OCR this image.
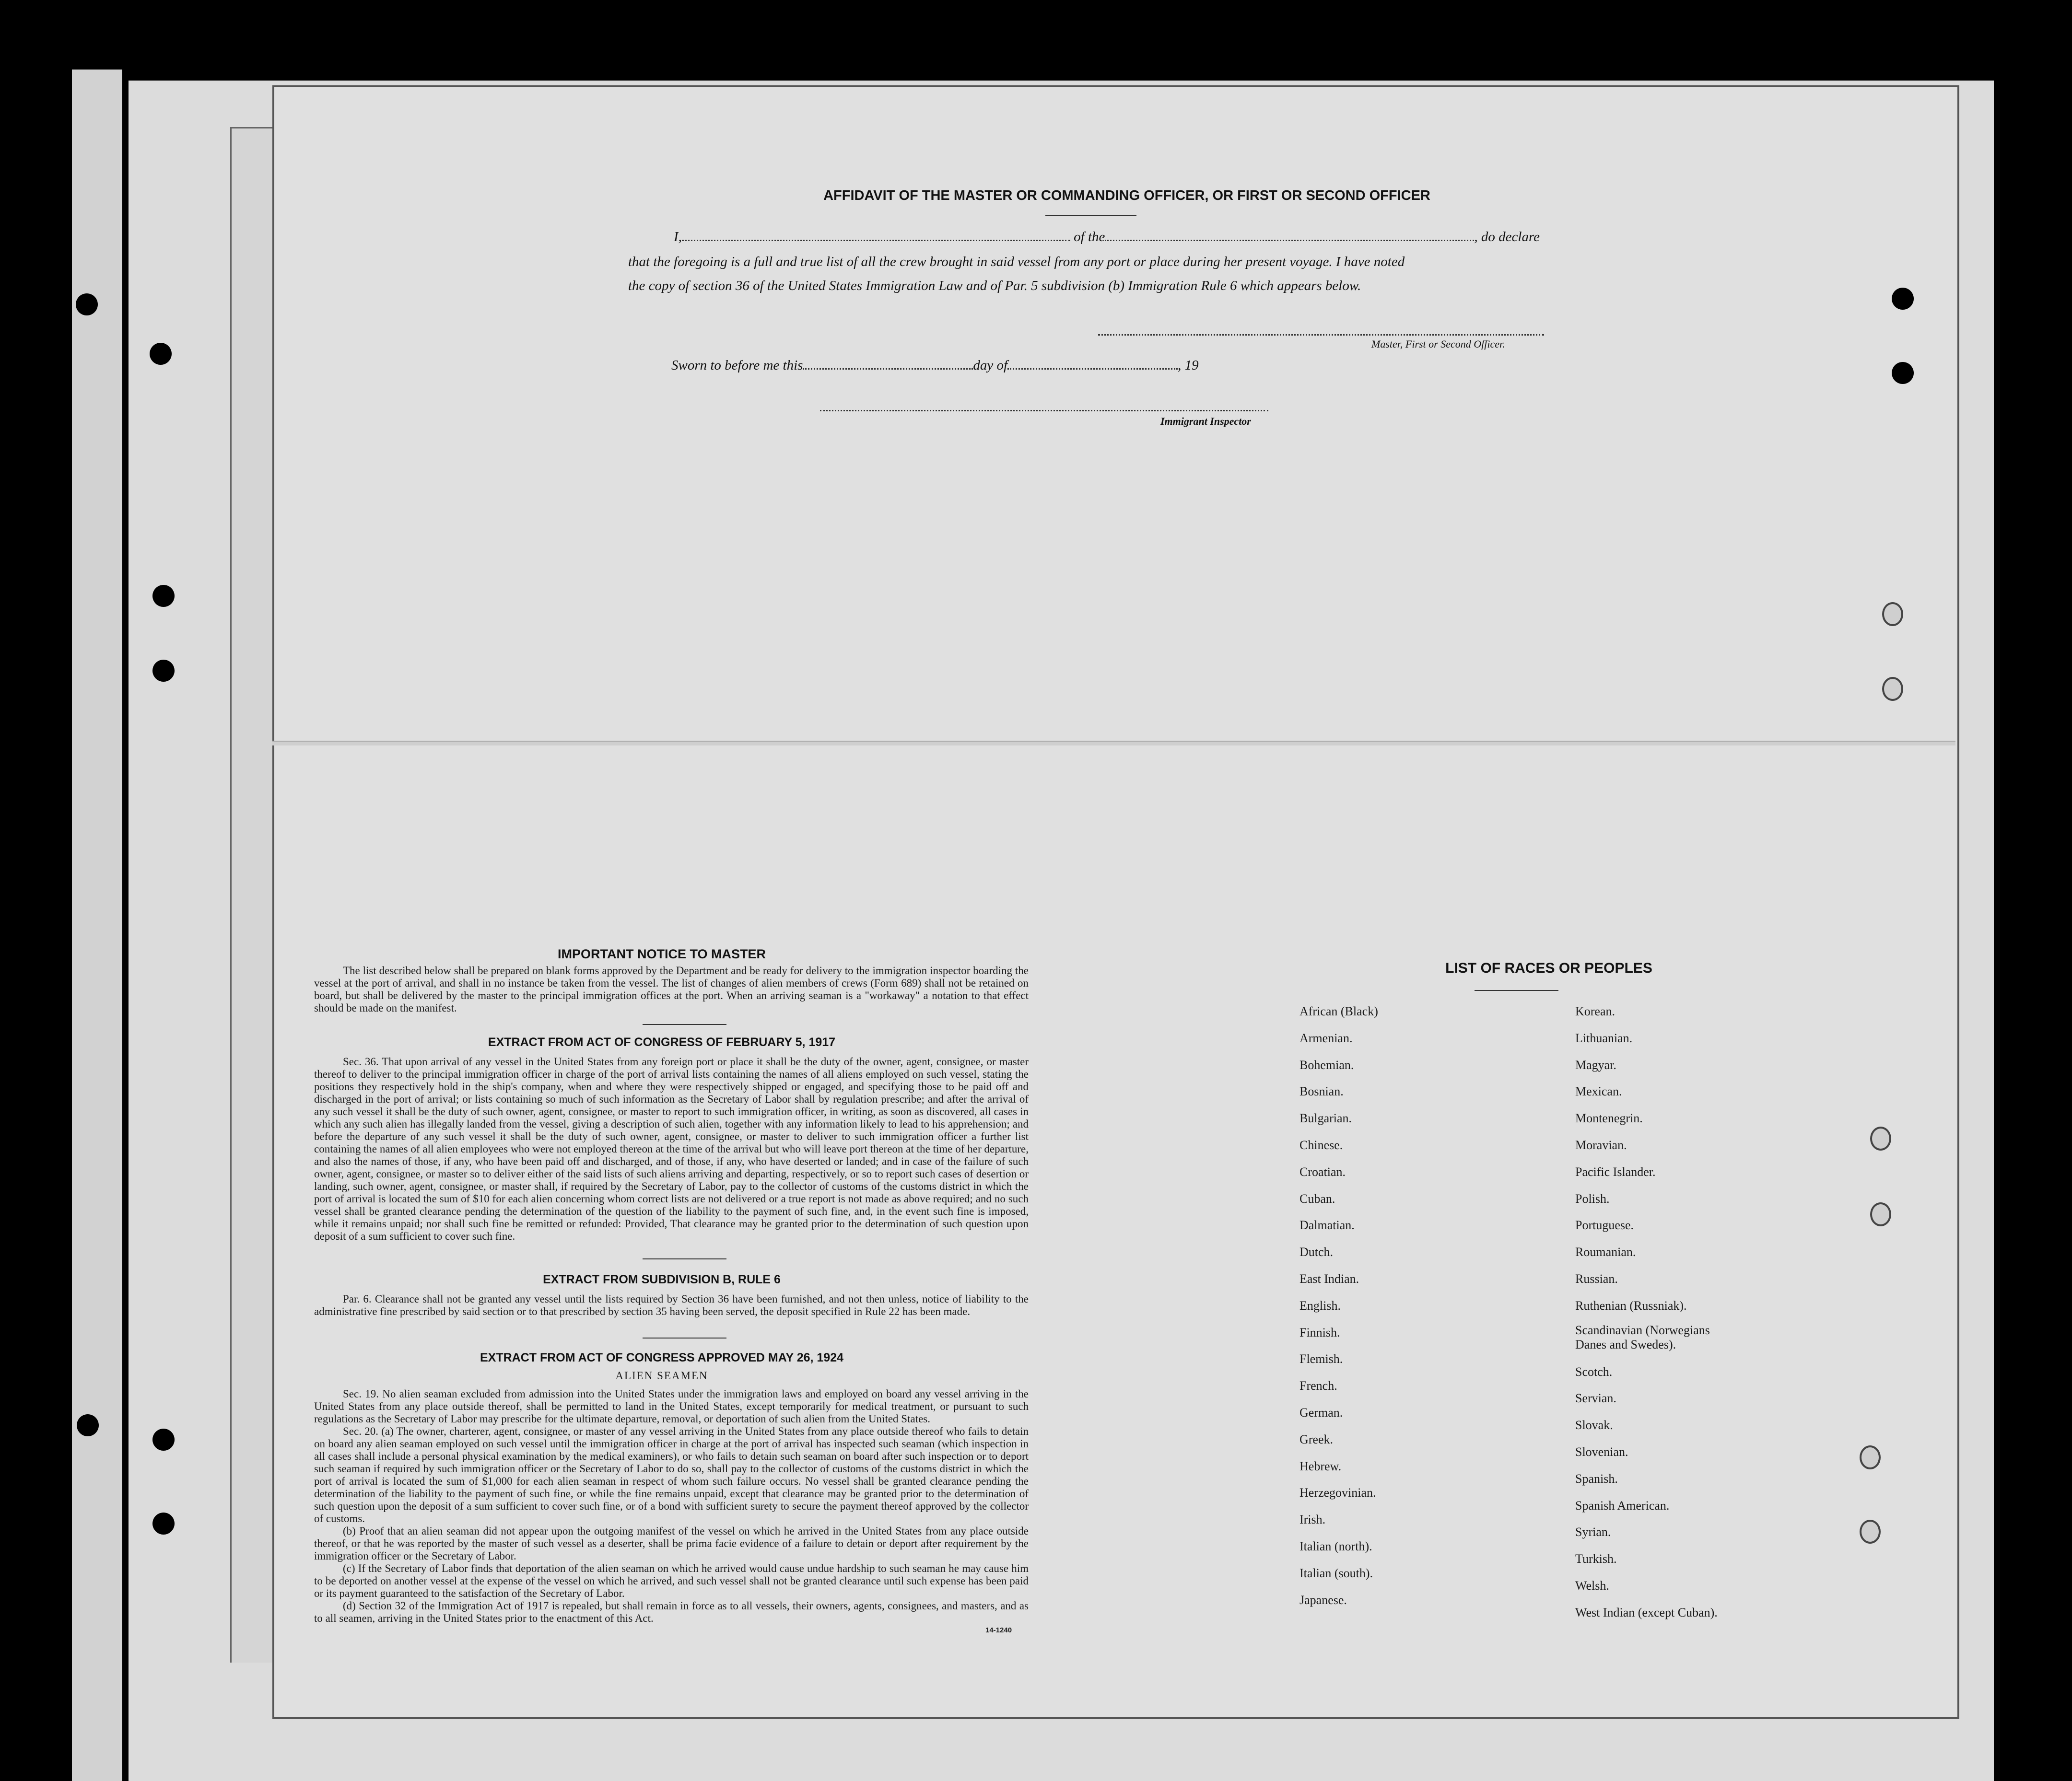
AFFIDAVIT OF THE MASTER OR COMMANDING OFFICER, OR FIRST OR SECOND OFFICER
I,	of the	, do declare
that the foregoing is a full and true list of all the crew brought in said vessel from any port or place during her present voyage. I have noted
the copy of section 36 of the United States Immigration Law and of Par. 5 subdivision (b) Immigration Rule 6 which appears below.
Master, First or Second Officer.
Sworn to before me this	day of	, 19
Immigrant Inspector
IMPORTANT NOTICE TO MASTER
The list described below shall be prepared on blank forms approved by the Department and be ready for delivery to the immigration inspector boarding the vessel at the port of arrival, and shall in no instance be taken from the vessel. The list of changes of alien members of crews (Form 689) shall not be retained on board, but shall be delivered by the master to the principal immigration offices at the port. When an arriving seaman is a "workaway" a notation to that effect should be made on the manifest.
EXTRACT FROM ACT OF CONGRESS OF FEBRUARY 5, 1917
Sec. 36. That upon arrival of any vessel in the United States from any foreign port or place it shall be the duty of the owner, agent, consignee, or master thereof to deliver to the principal immigration officer in charge of the port of arrival lists containing the names of all aliens employed on such vessel, stating the positions they respectively hold in the ship's company, when and where they were respectively shipped or engaged, and specifying those to be paid off and discharged in the port of arrival; or lists containing so much of such information as the Secretary of Labor shall by regulation prescribe; and after the arrival of any such vessel it shall be the duty of such owner, agent, consignee, or master to report to such immigration officer, in writing, as soon as discovered, all cases in which any such alien has illegally landed from the vessel, giving a description of such alien, together with any information likely to lead to his apprehension; and before the departure of any such vessel it shall be the duty of such owner, agent, consignee, or master to deliver to such immigration officer a further list containing the names of all alien employees who were not employed thereon at the time of the arrival but who will leave port thereon at the time of her departure, and also the names of those, if any, who have been paid off and discharged, and of those, if any, who have deserted or landed; and in case of the failure of such owner, agent, consignee, or master so to deliver either of the said lists of such aliens arriving and departing, respectively, or so to report such cases of desertion or landing, such owner, agent, consignee, or master shall, if required by the Secretary of Labor, pay to the collector of customs of the customs district in which the port of arrival is located the sum of $10 for each alien concerning whom correct lists are not delivered or a true report is not made as above required; and no such vessel shall be granted clearance pending the determination of the question of the liability to the payment of such fine, and, in the event such fine is imposed, while it remains unpaid; nor shall such fine be remitted or refunded: Provided, That clearance may be granted prior to the determination of such question upon deposit of a sum sufficient to cover such fine.
EXTRACT FROM SUBDIVISION B, RULE 6
Par. 6. Clearance shall not be granted any vessel until the lists required by Section 36 have been furnished, and not then unless, notice of liability to the administrative fine prescribed by said section or to that prescribed by section 35 having been served, the deposit specified in Rule 22 has been made.
EXTRACT FROM ACT OF CONGRESS APPROVED MAY 26, 1924
ALIEN SEAMEN
Sec. 19. No alien seaman excluded from admission into the United States under the immigration laws and employed on board any vessel arriving in the United States from any place outside thereof, shall be permitted to land in the United States, except temporarily for medical treatment, or pursuant to such regulations as the Secretary of Labor may prescribe for the ultimate departure, removal, or deportation of such alien from the United States.
Sec. 20. (a) The owner, charterer, agent, consignee, or master of any vessel arriving in the United States from any place outside thereof who fails to detain on board any alien seaman employed on such vessel until the immigration officer in charge at the port of arrival has inspected such seaman (which inspection in all cases shall include a personal physical examination by the medical examiners), or who fails to detain such seaman on board after such inspection or to deport such seaman if required by such immigration officer or the Secretary of Labor to do so, shall pay to the collector of customs of the customs district in which the port of arrival is located the sum of $1,000 for each alien seaman in respect of whom such failure occurs. No vessel shall be granted clearance pending the determination of the liability to the payment of such fine, or while the fine remains unpaid, except that clearance may be granted prior to the determination of such question upon the deposit of a sum sufficient to cover such fine, or of a bond with sufficient surety to secure the payment thereof approved by the collector of customs.
(b) Proof that an alien seaman did not appear upon the outgoing manifest of the vessel on which he arrived in the United States from any place outside thereof, or that he was reported by the master of such vessel as a deserter, shall be prima facie evidence of a failure to detain or deport after requirement by the immigration officer or the Secretary of Labor.
(c) If the Secretary of Labor finds that deportation of the alien seaman on which he arrived would cause undue hardship to such seaman he may cause him to be deported on another vessel at the expense of the vessel on which he arrived, and such vessel shall not be granted clearance until such expense has been paid or its payment guaranteed to the satisfaction of the Secretary of Labor.
(d) Section 32 of the Immigration Act of 1917 is repealed, but shall remain in force as to all vessels, their owners, agents, consignees, and masters, and as to all seamen, arriving in the United States prior to the enactment of this Act.
14-1240
LIST OF RACES OR PEOPLES
African (Black)
Armenian.
Bohemian.
Bosnian.
Bulgarian.
Chinese.
Croatian.
Cuban.
Dalmatian.
Dutch.
East Indian.
English.
Finnish.
Flemish.
French.
German.
Greek.
Hebrew.
Herzegovinian.
Irish.
Italian (north).
Italian (south).
Japanese.
Korean.
Lithuanian.
Magyar.
Mexican.
Montenegrin.
Moravian.
Pacific Islander.
Polish.
Portuguese.
Roumanian.
Russian.
Ruthenian (Russniak).
Scandinavian (Norwegians
Danes and Swedes).
Scotch.
Servian.
Slovak.
Slovenian.
Spanish.
Spanish American.
Syrian.
Turkish.
Welsh.
West Indian (except Cuban).
